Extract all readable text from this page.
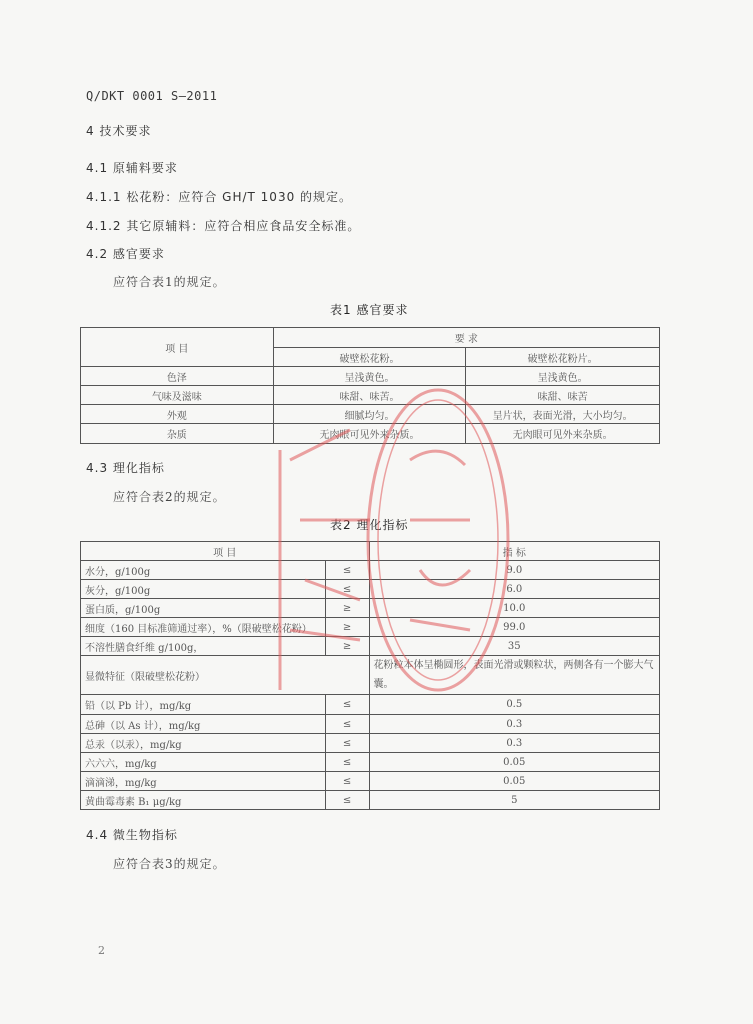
Q/DKT 0001 S—2011
4 技术要求
4.1 原辅料要求
4.1.1 松花粉：应符合 GH/T 1030 的规定。
4.1.2 其它原辅料：应符合相应食品安全标准。
4.2 感官要求
应符合表1的规定。
表1 感官要求
项 目	要 求	
	破壁松花粉。	破壁松花粉片。
色泽	呈浅黄色。	呈浅黄色。
气味及滋味	味甜、味苦。	味甜、味苦
外观	细腻均匀。	呈片状，表面光滑，大小均匀。
杂质	无肉眼可见外来杂质。	无肉眼可见外来杂质。
4.3 理化指标
应符合表2的规定。
表2 理化指标
项 目		指 标
水分，g/100g	≤	9.0
灰分，g/100g	≤	6.0
蛋白质，g/100g	≥	10.0
细度（160 目标准筛通过率），%（限破壁松花粉）	≥	99.0
不溶性膳食纤维 g/100g，	≥	35
显微特征（限破壁松花粉）		花粉粒本体呈椭圆形，表面光滑或颗粒状，两侧各有一个膨大气囊。
铅（以 Pb 计），mg/kg	≤	0.5
总砷（以 As 计），mg/kg	≤	0.3
总汞（以汞），mg/kg	≤	0.3
六六六，mg/kg	≤	0.05
滴滴涕，mg/kg	≤	0.05
黄曲霉毒素 B₁ μg/kg	≤	5
4.4 微生物指标
应符合表3的规定。
2
